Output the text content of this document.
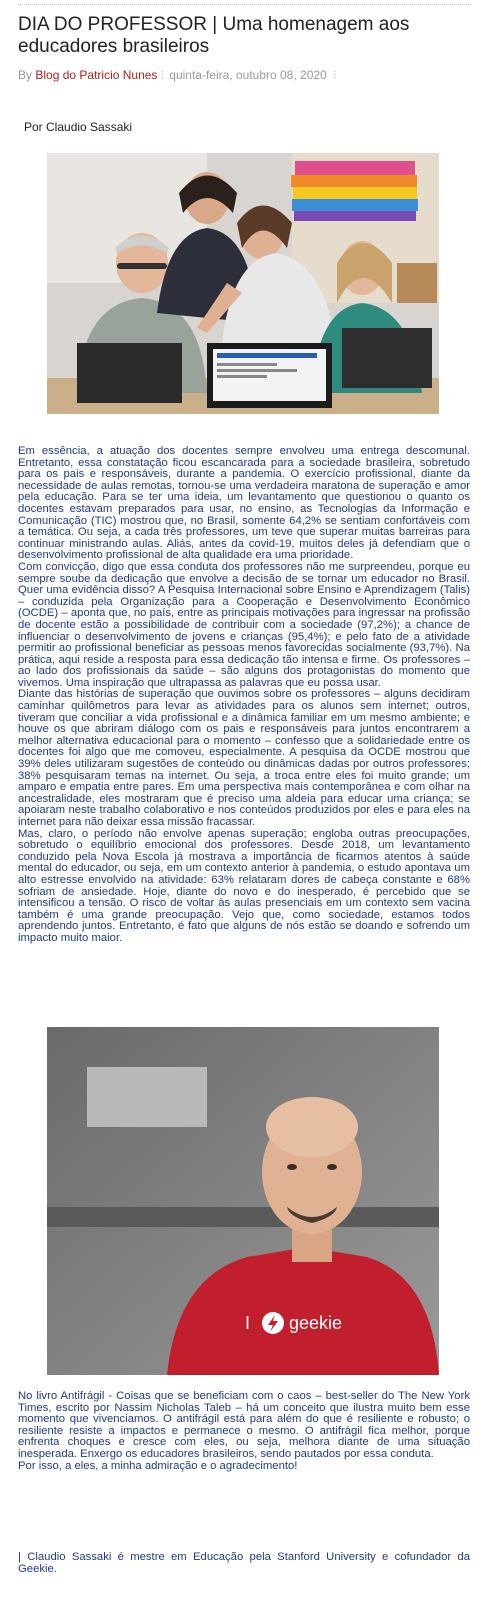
DIA DO PROFESSOR | Uma homenagem aos educadores brasileiros
By Blog do Patricio Nunes ⁝ quinta-feira, outubro 08, 2020 ⁝
Por Claudio Sassaki

Em essência, a atuação dos docentes sempre envolveu uma entrega descomunal. Entretanto, essa constatação ficou escancarada para a sociedade brasileira, sobretudo para os pais e responsáveis, durante a pandemia. O exercício profissional, diante da necessidade de aulas remotas, tornou-se uma verdadeira maratona de superação e amor pela educação. Para se ter uma ideia, um levantamento que questionou o quanto os docentes estavam preparados para usar, no ensino, as Tecnologias da Informação e Comunicação (TIC) mostrou que, no Brasil, somente 64,2% se sentiam confortáveis com a temática. Ou seja, a cada três professores, um teve que superar muitas barreiras para continuar ministrando aulas. Aliás, antes da covid-19, muitos deles já defendiam que o desenvolvimento profissional de alta qualidade era uma prioridade.

Com convicção, digo que essa conduta dos professores não me surpreendeu, porque eu sempre soube da dedicação que envolve a decisão de se tornar um educador no Brasil. Quer uma evidência disso? A Pesquisa Internacional sobre Ensino e Aprendizagem (Talis) – conduzida pela Organização para a Cooperação e Desenvolvimento Econômico (OCDE) – aponta que, no país, entre as principais motivações para ingressar na profissão de docente estão a possibilidade de contribuir com a sociedade (97,2%); a chance de influenciar o desenvolvimento de jovens e crianças (95,4%); e pelo fato de a atividade permitir ao profissional beneficiar as pessoas menos favorecidas socialmente (93,7%). Na prática, aqui reside a resposta para essa dedicação tão intensa e firme. Os professores – ao lado dos profissionais da saúde – são alguns dos protagonistas do momento que vivemos. Uma inspiração que ultrapassa as palavras que eu possa usar.

Diante das histórias de superação que ouvimos sobre os professores – alguns decidiram caminhar quilômetros para levar as atividades para os alunos sem internet; outros, tiveram que conciliar a vida profissional e a dinâmica familiar em um mesmo ambiente; e houve os que abriram diálogo com os pais e responsáveis para juntos encontrarem a melhor alternativa educacional para o momento – confesso que a solidariedade entre os docentes foi algo que me comoveu, especialmente. A pesquisa da OCDE mostrou que 39% deles utilizaram sugestões de conteúdo ou dinâmicas dadas por outros professores; 38% pesquisaram temas na internet. Ou seja, a troca entre eles foi muito grande; um amparo e empatia entre pares. Em uma perspectiva mais contemporânea e com olhar na ancestralidade, eles mostraram que é preciso uma aldeia para educar uma criança; se apoiaram neste trabalho colaborativo e nos conteúdos produzidos por eles e para eles na internet para não deixar essa missão fracassar.

Mas, claro, o período não envolve apenas superação; engloba outras preocupações, sobretudo o equilíbrio emocional dos professores. Desde 2018, um levantamento conduzido pela Nova Escola já mostrava a importância de ficarmos atentos à saúde mental do educador, ou seja, em um contexto anterior à pandemia, o estudo apontava um alto estresse envolvido na atividade: 63% relataram dores de cabeça constante e 68% sofriam de ansiedade. Hoje, diante do novo e do inesperado, é percebido que se intensificou a tensão. O risco de voltar às aulas presenciais em um contexto sem vacina também é uma grande preocupação. Vejo que, como sociedade, estamos todos aprendendo juntos. Entretanto, é fato que alguns de nós estão se doando e sofrendo um impacto muito maior.

I geekie

No livro Antifrágil - Coisas que se beneficiam com o caos – best-seller do The New York Times, escrito por Nassim Nicholas Taleb – há um conceito que ilustra muito bem esse momento que vivenciamos. O antifrágil está para além do que é resiliente e robusto; o resiliente resiste a impactos e permanece o mesmo. O antifrágil fica melhor, porque enfrenta choques e cresce com eles, ou seja, melhora diante de uma situação inesperada. Enxergo os educadores brasileiros, sendo pautados por essa conduta.

Por isso, a eles, a minha admiração e o agradecimento!

| Claudio Sassaki é mestre em Educação pela Stanford University e cofundador da Geekie.
